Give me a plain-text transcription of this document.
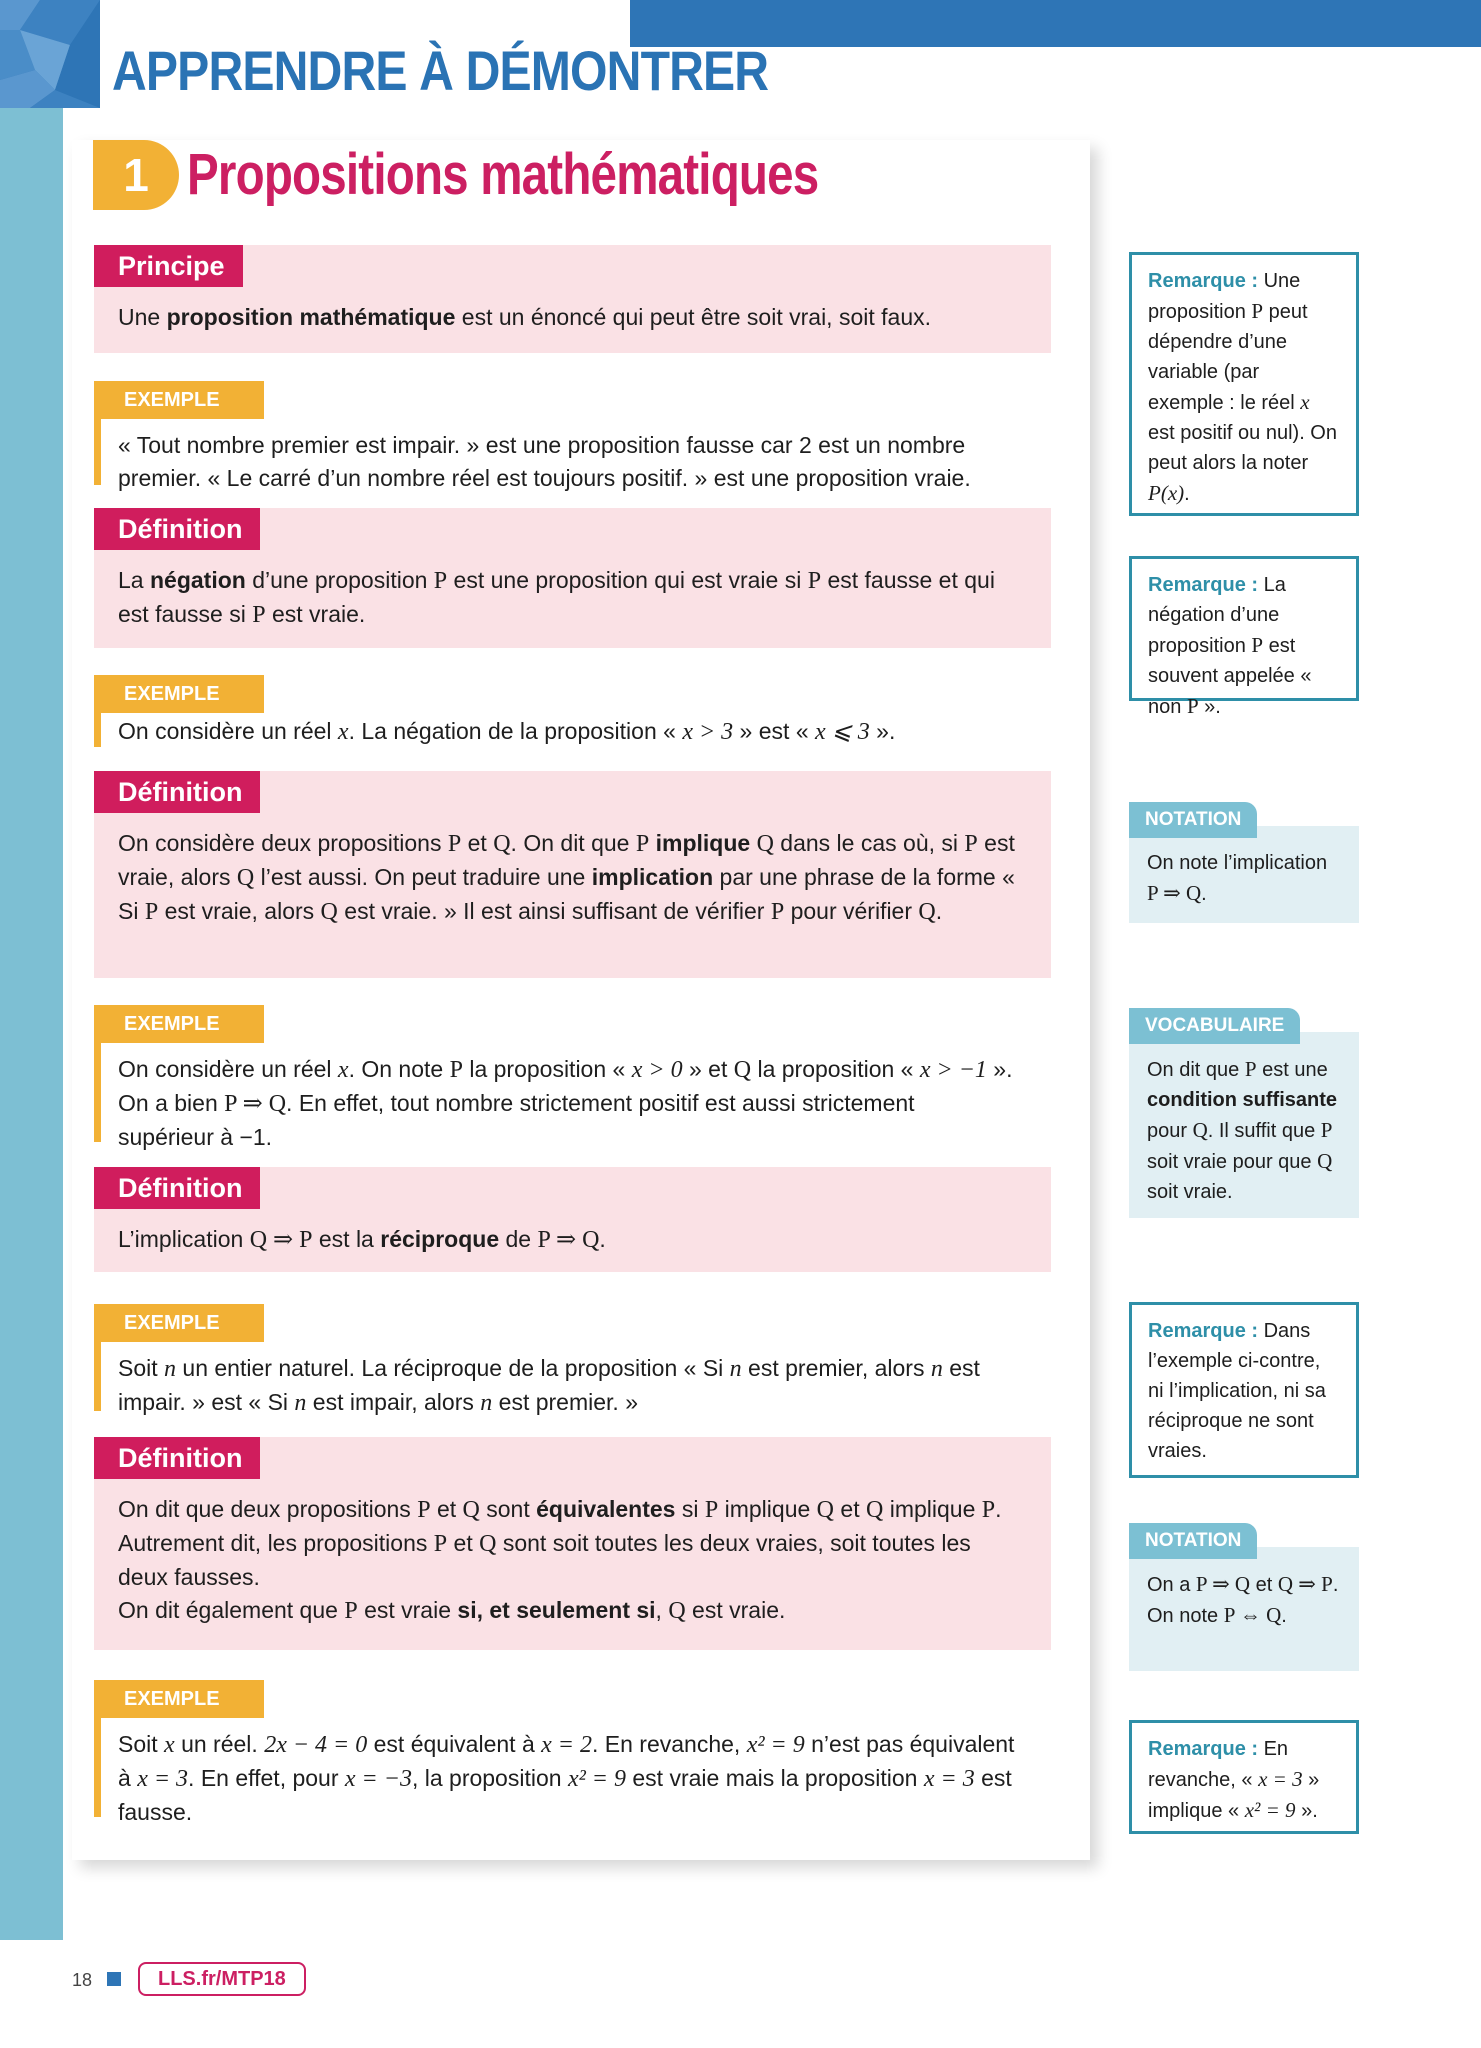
APPRENDRE À DÉMONTRER
1 Propositions mathématiques
Principe
Une proposition mathématique est un énoncé qui peut être soit vrai, soit faux.
EXEMPLE
« Tout nombre premier est impair. » est une proposition fausse car 2 est un nombre premier. « Le carré d’un nombre réel est toujours positif. » est une proposition vraie.
Définition
La négation d’une proposition P est une proposition qui est vraie si P est fausse et qui est fausse si P est vraie.
EXEMPLE
On considère un réel x. La négation de la proposition « x > 3 » est « x ⩽ 3 ».
Définition
On considère deux propositions P et Q. On dit que P implique Q dans le cas où, si P est vraie, alors Q l’est aussi. On peut traduire une implication par une phrase de la forme « Si P est vraie, alors Q est vraie. » Il est ainsi suffisant de vérifier P pour vérifier Q.
EXEMPLE
On considère un réel x. On note P la proposition « x > 0 » et Q la proposition « x > −1 ». On a bien P ⇒ Q. En effet, tout nombre strictement positif est aussi strictement supérieur à −1.
Définition
L’implication Q ⇒ P est la réciproque de P ⇒ Q.
EXEMPLE
Soit n un entier naturel. La réciproque de la proposition « Si n est premier, alors n est impair. » est « Si n est impair, alors n est premier. »
Définition
On dit que deux propositions P et Q sont équivalentes si P implique Q et Q implique P. Autrement dit, les propositions P et Q sont soit toutes les deux vraies, soit toutes les deux fausses.
On dit également que P est vraie si, et seulement si, Q est vraie.
EXEMPLE
Soit x un réel. 2x − 4 = 0 est équivalent à x = 2. En revanche, x² = 9 n’est pas équivalent à x = 3. En effet, pour x = −3, la proposition x² = 9 est vraie mais la proposition x = 3 est fausse.
Remarque : Une proposition P peut dépendre d’une variable (par exemple : le réel x est positif ou nul). On peut alors la noter P(x).
Remarque : La négation d’une proposition P est souvent appelée « non P ».
NOTATION
On note l’implication P ⇒ Q.
VOCABULAIRE
On dit que P est une condition suffisante pour Q. Il suffit que P soit vraie pour que Q soit vraie.
Remarque : Dans l’exemple ci-contre, ni l’implication, ni sa réciproque ne sont vraies.
NOTATION
On a P ⇒ Q et Q ⇒ P.
On note P ⇔ Q.
Remarque : En revanche, « x = 3 » implique « x² = 9 ».
18	LLS.fr/MTP18
